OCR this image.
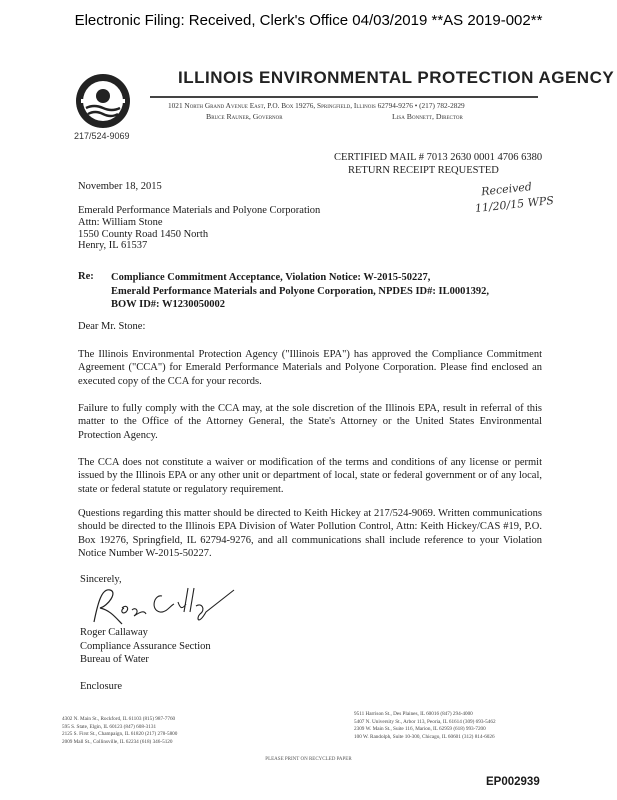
Electronic Filing: Received, Clerk's Office 04/03/2019 **AS 2019-002**
ILLINOIS ENVIRONMENTAL PROTECTION AGENCY
1021 North Grand Avenue East, P.O. Box 19276, Springfield, Illinois 62794-9276 • (217) 782-2829
Bruce Rauner, Governor	Lisa Bonnett, Director
217/524-9069
CERTIFIED MAIL # 7013 2630 0001 4706 6380
RETURN RECEIPT REQUESTED
Received
11/20/15 WPS
November 18, 2015
Emerald Performance Materials and Polyone Corporation
Attn: William Stone
1550 County Road 1450 North
Henry, IL 61537
Re: Compliance Commitment Acceptance, Violation Notice: W-2015-50227,
Emerald Performance Materials and Polyone Corporation, NPDES ID#: IL0001392,
BOW ID#: W1230050002
Dear Mr. Stone:
The Illinois Environmental Protection Agency ("Illinois EPA") has approved the Compliance Commitment Agreement ("CCA") for Emerald Performance Materials and Polyone Corporation. Please find enclosed an executed copy of the CCA for your records.
Failure to fully comply with the CCA may, at the sole discretion of the Illinois EPA, result in referral of this matter to the Office of the Attorney General, the State's Attorney or the United States Environmental Protection Agency.
The CCA does not constitute a waiver or modification of the terms and conditions of any license or permit issued by the Illinois EPA or any other unit or department of local, state or federal government or of any local, state or federal statute or regulatory requirement.
Questions regarding this matter should be directed to Keith Hickey at 217/524-9069. Written communications should be directed to the Illinois EPA Division of Water Pollution Control, Attn: Keith Hickey/CAS #19, P.O. Box 19276, Springfield, IL 62794-9276, and all communications shall include reference to your Violation Notice Number W-2015-50227.
Sincerely,
Roger Callaway
Compliance Assurance Section
Bureau of Water
Enclosure
4302 N. Main St., Rockford, IL 61103 (815) 987-7760
595 S. State, Elgin, IL 60123 (847) 608-3131
2125 S. First St., Champaign, IL 61820 (217) 278-5800
2009 Mall St., Collinsville, IL 62234 (618) 346-5120
9511 Harrison St., Des Plaines, IL 60016 (847) 294-4000
5407 N. University St., Arbor 113, Peoria, IL 61614 (309) 693-5462
2309 W. Main St., Suite 116, Marion, IL 62959 (618) 993-7200
100 W. Randolph, Suite 10-300, Chicago, IL 60601 (312) 814-6026
PLEASE PRINT ON RECYCLED PAPER
EP002939
